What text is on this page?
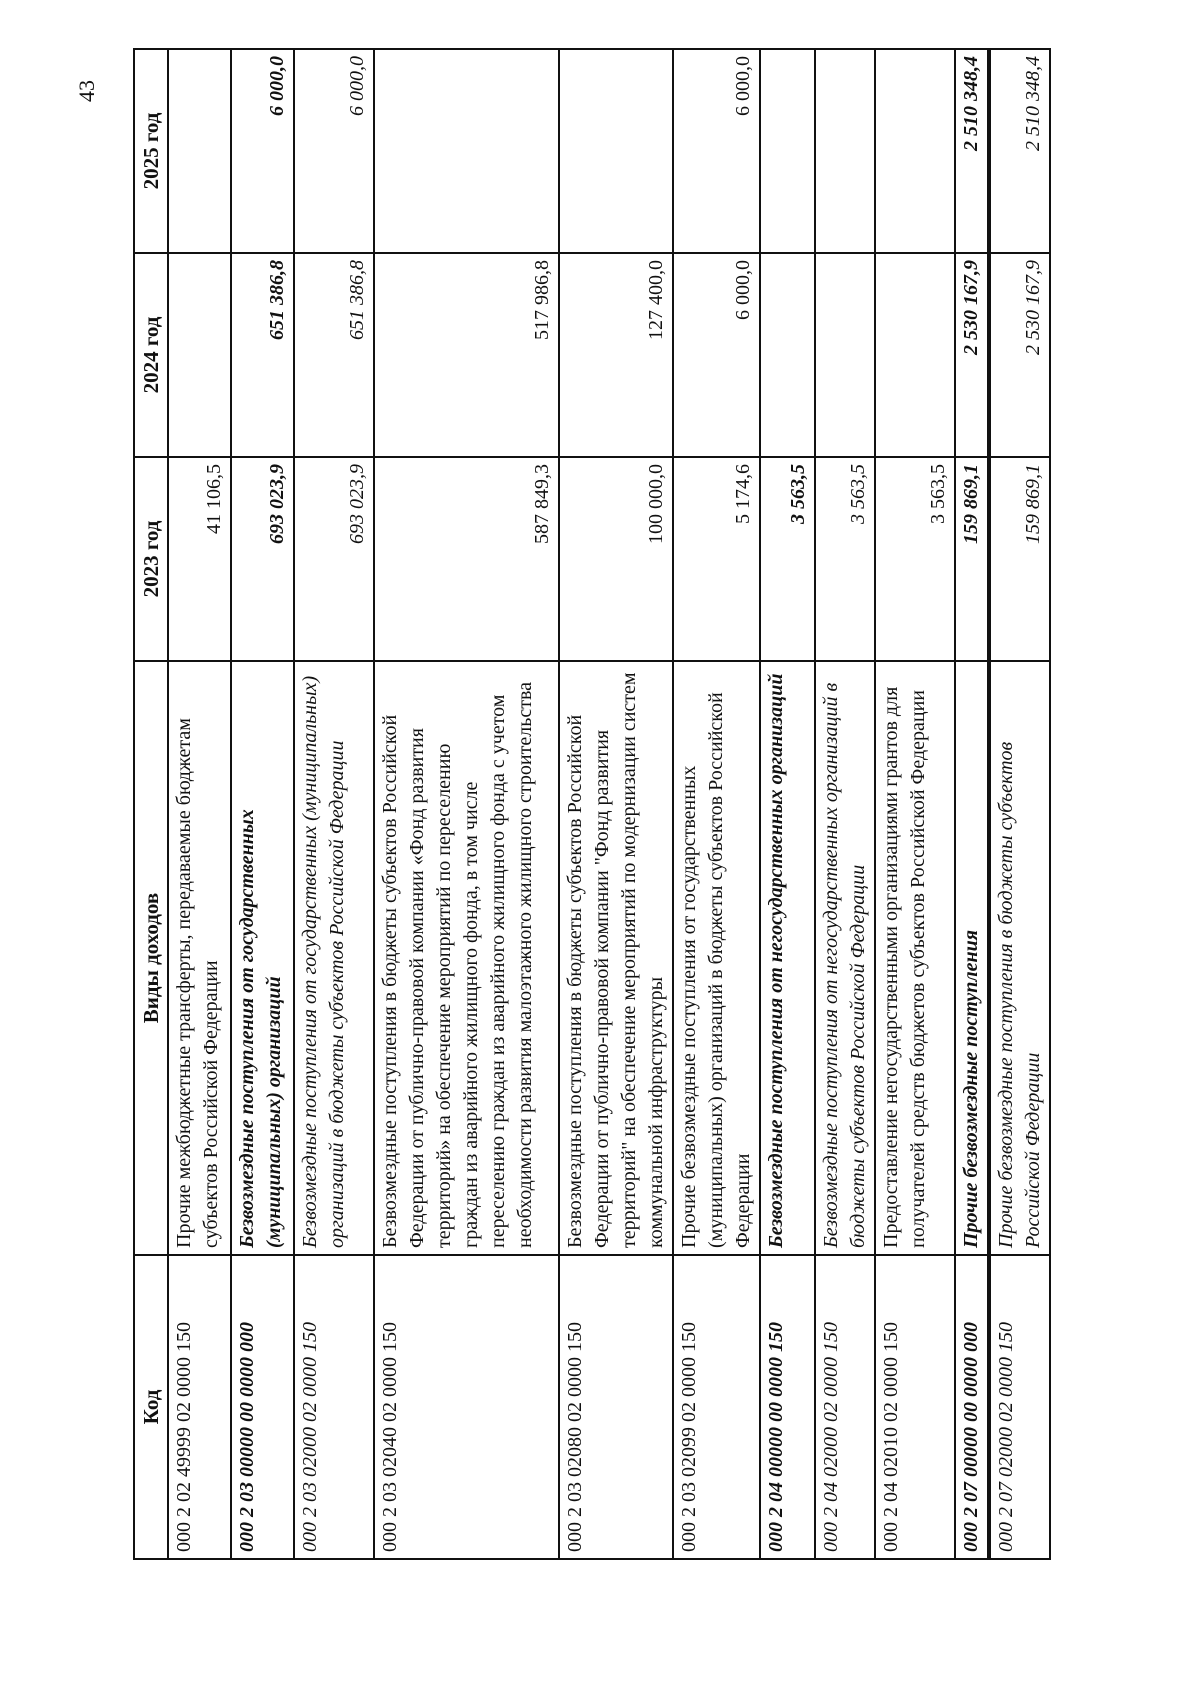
43
Код	Виды доходов	2023 год	2024 год	2025 год
000 2 02 49999 02 0000 150	Прочие межбюджетные трансферты, передаваемые бюджетам субъектов Российской Федерации	41 106,5		
000 2 03 00000 00 0000 000	Безвозмездные поступления от государственных (муниципальных) организаций	693 023,9	651 386,8	6 000,0
000 2 03 02000 02 0000 150	Безвозмездные поступления от государственных (муниципальных) организаций в бюджеты субъектов Российской Федерации	693 023,9	651 386,8	6 000,0
000 2 03 02040 02 0000 150	Безвозмездные поступления в бюджеты субъектов Российской Федерации от публично-правовой компании «Фонд развития территорий» на обеспечение мероприятий по переселению граждан из аварийного жилищного фонда, в том числе переселению граждан из аварийного жилищного фонда с учетом необходимости развития малоэтажного жилищного строительства	587 849,3	517 986,8	
000 2 03 02080 02 0000 150	Безвозмездные поступления в бюджеты субъектов Российской Федерации от публично-правовой компании "Фонд развития территорий" на обеспечение мероприятий по модернизации систем коммунальной инфраструктуры	100 000,0	127 400,0	
000 2 03 02099 02 0000 150	Прочие безвозмездные поступления от государственных (муниципальных) организаций в бюджеты субъектов Российской Федерации	5 174,6	6 000,0	6 000,0
000 2 04 00000 00 0000 150	Безвозмездные поступления от негосударственных организаций	3 563,5		
000 2 04 02000 02 0000 150	Безвозмездные поступления от негосударственных организаций в бюджеты субъектов Российской Федерации	3 563,5		
000 2 04 02010 02 0000 150	Предоставление негосударственными организациями грантов для получателей средств бюджетов субъектов Российской Федерации	3 563,5		
000 2 07 00000 00 0000 000	Прочие безвозмездные поступления	159 869,1	2 530 167,9	2 510 348,4
000 2 07 02000 02 0000 150	Прочие безвозмездные поступления в бюджеты субъектов Российской Федерации	159 869,1	2 530 167,9	2 510 348,4
